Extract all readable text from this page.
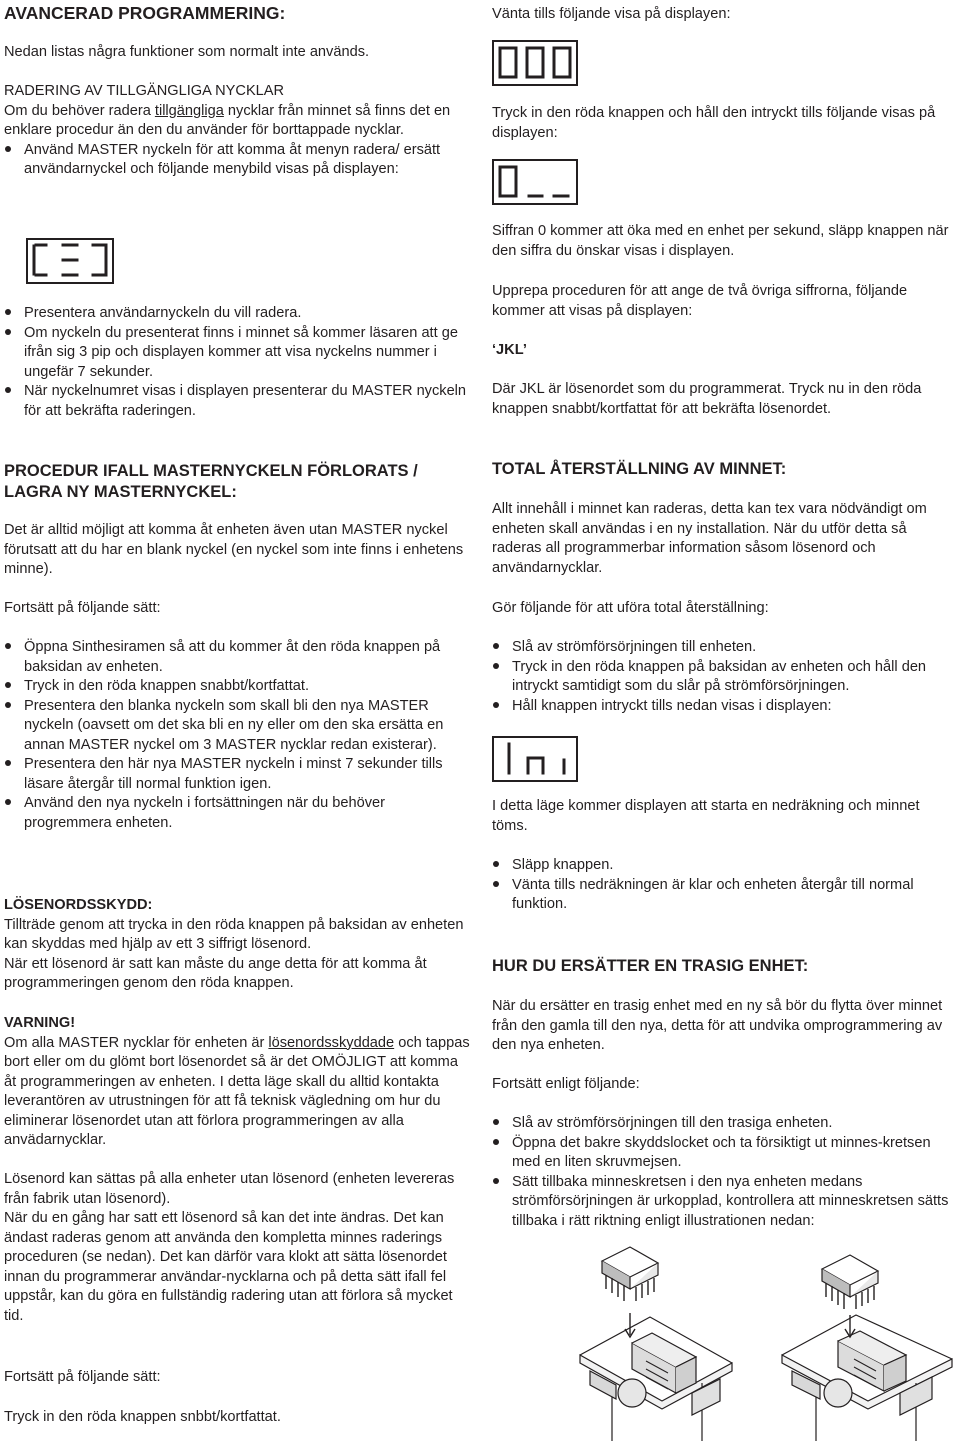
AVANCERAD PROGRAMMERING:

Nedan listas några funktioner som normalt inte används.

RADERING AV TILLGÄNGLIGA NYCKLAR

Om du behöver radera tillgängliga nycklar från minnet så finns det en enklare procedur än den du använder för borttappade nycklar.

Använd MASTER nyckeln för att komma åt menyn radera/ ersätt användarnyckel och följande menybild visas på displayen:
Presentera användarnyckeln du vill radera.
Om nyckeln du presenterat finns i minnet så kommer läsaren att ge ifrån sig 3 pip och displayen kommer att visa nyckelns nummer i ungefär 7 sekunder.
När nyckelnumret visas i displayen presenterar du MASTER nyckeln för att bekräfta raderingen.
PROCEDUR IFALL MASTERNYCKELN FÖRLORATS / LAGRA NY MASTERNYCKEL:

Det är alltid möjligt att komma åt enheten även utan MASTER nyckel förutsatt att du har en blank nyckel (en nyckel som inte finns i enhetens minne).

Fortsätt på följande sätt:

Öppna Sinthesiramen så att du kommer åt den röda knappen på baksidan av enheten.
Tryck in den röda knappen snabbt/kortfattat.
Presentera den blanka nyckeln som skall bli den nya MASTER nyckeln (oavsett om det ska bli en ny eller om den ska ersätta en annan MASTER nyckel om 3 MASTER nycklar redan existerar).
Presentera den här nya MASTER nyckeln i minst 7 sekunder tills läsare återgår till normal funktion igen.
Använd den nya nyckeln i fortsättningen när du behöver progremmera enheten.

LÖSENORDSSKYDD:

Tillträde genom att trycka in den röda knappen på baksidan av enheten kan skyddas med hjälp av ett 3 siffrigt lösenord.

När ett lösenord är satt kan måste du ange detta för att komma åt programmeringen genom den röda knappen.

VARNING!

Om alla MASTER nycklar för enheten är lösenordsskyddade och tappas bort eller om du glömt bort lösenordet så är det OMÖJLIGT att komma åt programmeringen av enheten. I detta läge skall du alltid kontakta leverantören av utrustningen för att få teknisk vägledning om hur du eliminerar lösenordet utan att förlora programmeringen av alla anvädarnycklar.

Lösenord kan sättas på alla enheter utan lösenord (enheten levereras från fabrik utan lösenord).

När du en gång har satt ett lösenord så kan det inte ändras. Det kan ändast raderas genom att använda den kompletta minnes raderings proceduren (se nedan). Det kan därför vara klokt att sätta lösenordet innan du programmerar användar-nycklarna och på detta sätt ifall fel uppstår, kan du göra en fullständig radering utan att förlora så mycket tid.

Fortsätt på följande sätt:

Tryck in den röda knappen snbbt/kortfattat.

Vänta tills följande visa på displayen:

Tryck in den röda knappen och håll den intryckt tills följande visas på displayen:

Siffran 0 kommer att öka med en enhet per sekund, släpp knappen när den siffra du önskar visas i displayen.

Upprepa proceduren för att ange de två övriga siffrorna, följande kommer att visas på displayen:

‘JKL’

Där JKL är lösenordet som du programmerat. Tryck nu in den röda knappen snabbt/kortfattat för att bekräfta lösenordet.

TOTAL ÅTERSTÄLLNING AV MINNET:

Allt innehåll i minnet kan raderas, detta kan tex vara nödvändigt om enheten skall användas i en ny installation. När du utför detta så raderas all programmerbar information såsom lösenord och användarnycklar.

Gör följande för att uföra total återställning:

Slå av strömförsörjningen till enheten.
Tryck in den röda knappen på baksidan av enheten och håll den intryckt samtidigt som du slår på strömförsörjningen.
Håll knappen intryckt tills nedan visas i displayen:

I detta läge kommer displayen att starta en nedräkning och minnet töms.

Släpp knappen.
Vänta tills nedräkningen är klar och enheten återgår till normal funktion.
HUR DU ERSÄTTER EN TRASIG ENHET:

När du ersätter en trasig enhet med en ny så bör du flytta över minnet från den gamla till den nya, detta för att undvika omprogrammering av den nya enheten.

Fortsätt enligt följande:

Slå av strömförsörjningen till den trasiga enheten.
Öppna det bakre skyddslocket och ta försiktigt ut minnes-kretsen med en liten skruvmejsen.
Sätt tillbaka minneskretsen i den nya enheten medans strömförsörjningen är urkopplad, kontrollera att minneskretsen sätts tillbaka i rätt riktning enligt illustrationen nedan:
